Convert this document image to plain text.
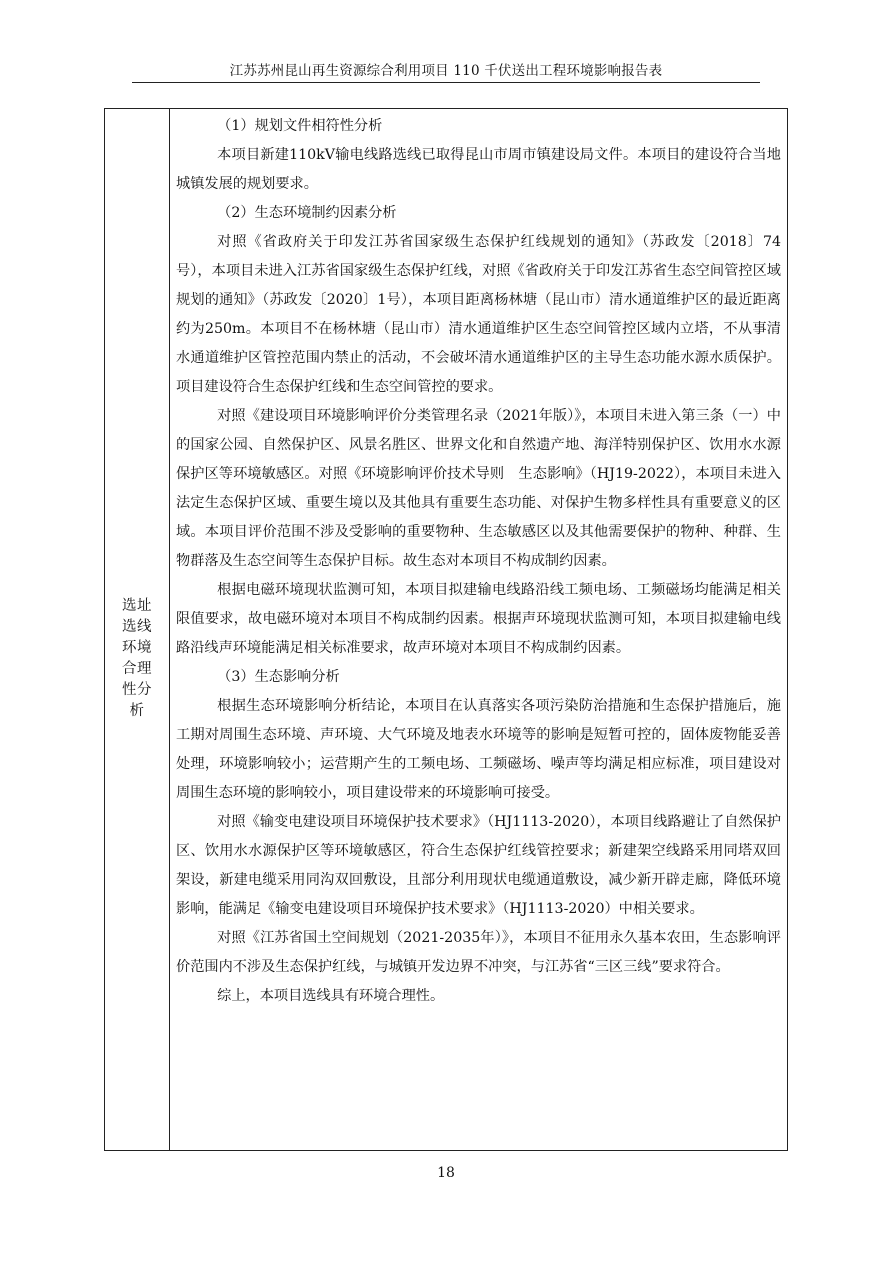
江苏苏州昆山再生资源综合利用项目 110 千伏送出工程环境影响报告表
选址选线环境合理性分析

（1）规划文件相符性分析

本项目新建110kV输电线路选线已取得昆山市周市镇建设局文件。本项目的建设符合当地城镇发展的规划要求。

（2）生态环境制约因素分析

对照《省政府关于印发江苏省国家级生态保护红线规划的通知》（苏政发〔2018〕74号），本项目未进入江苏省国家级生态保护红线，对照《省政府关于印发江苏省生态空间管控区域规划的通知》（苏政发〔2020〕1号），本项目距离杨林塘（昆山市）清水通道维护区的最近距离约为250m。本项目不在杨林塘（昆山市）清水通道维护区生态空间管控区域内立塔，不从事清水通道维护区管控范围内禁止的活动，不会破坏清水通道维护区的主导生态功能水源水质保护。项目建设符合生态保护红线和生态空间管控的要求。

对照《建设项目环境影响评价分类管理名录（2021年版）》，本项目未进入第三条（一）中的国家公园、自然保护区、风景名胜区、世界文化和自然遗产地、海洋特别保护区、饮用水水源保护区等环境敏感区。对照《环境影响评价技术导则　生态影响》（HJ19-2022），本项目未进入法定生态保护区域、重要生境以及其他具有重要生态功能、对保护生物多样性具有重要意义的区域。本项目评价范围不涉及受影响的重要物种、生态敏感区以及其他需要保护的物种、种群、生物群落及生态空间等生态保护目标。故生态对本项目不构成制约因素。

根据电磁环境现状监测可知，本项目拟建输电线路沿线工频电场、工频磁场均能满足相关限值要求，故电磁环境对本项目不构成制约因素。根据声环境现状监测可知，本项目拟建输电线路沿线声环境能满足相关标准要求，故声环境对本项目不构成制约因素。

（3）生态影响分析

根据生态环境影响分析结论，本项目在认真落实各项污染防治措施和生态保护措施后，施工期对周围生态环境、声环境、大气环境及地表水环境等的影响是短暂可控的，固体废物能妥善处理，环境影响较小；运营期产生的工频电场、工频磁场、噪声等均满足相应标准，项目建设对周围生态环境的影响较小，项目建设带来的环境影响可接受。

对照《输变电建设项目环境保护技术要求》（HJ1113-2020），本项目线路避让了自然保护区、饮用水水源保护区等环境敏感区，符合生态保护红线管控要求；新建架空线路采用同塔双回架设，新建电缆采用同沟双回敷设，且部分利用现状电缆通道敷设，减少新开辟走廊，降低环境影响，能满足《输变电建设项目环境保护技术要求》（HJ1113-2020）中相关要求。

对照《江苏省国土空间规划（2021-2035年）》，本项目不征用永久基本农田，生态影响评价范围内不涉及生态保护红线，与城镇开发边界不冲突，与江苏省“三区三线”要求符合。

综上，本项目选线具有环境合理性。

18
